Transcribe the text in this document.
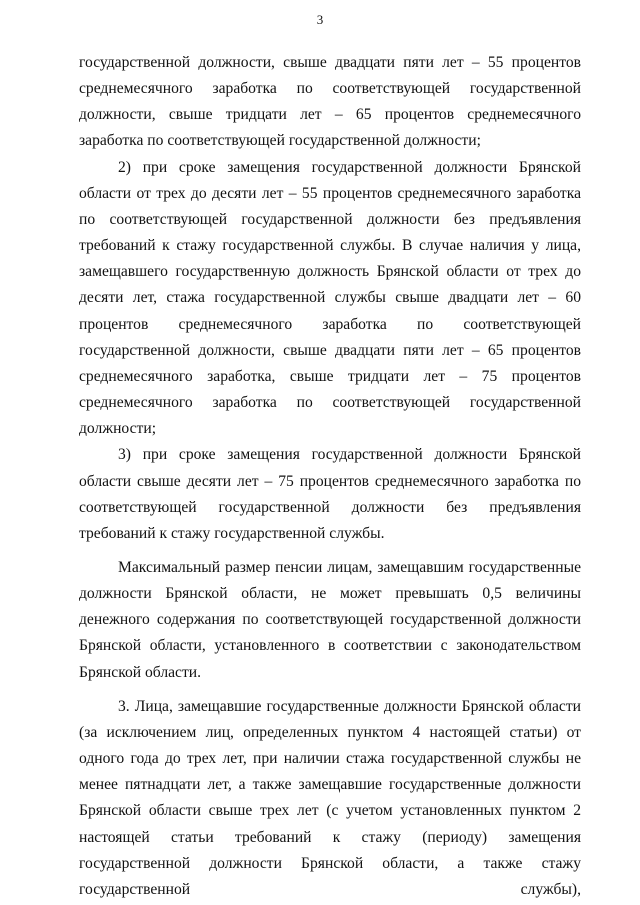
3

государственной должности, свыше двадцати пяти лет – 55 процентов среднемесячного заработка по соответствующей государственной должности, свыше тридцати лет – 65 процентов среднемесячного заработка по соответствующей государственной должности;

2) при сроке замещения государственной должности Брянской области от трех до десяти лет – 55 процентов среднемесячного заработка по соответствующей государственной должности без предъявления требований к стажу государственной службы. В случае наличия у лица, замещавшего государственную должность Брянской области от трех до десяти лет, стажа государственной службы свыше двадцати лет – 60 процентов среднемесячного заработка по соответствующей государственной должности, свыше двадцати пяти лет – 65 процентов среднемесячного заработка, свыше тридцати лет – 75 процентов среднемесячного заработка по соответствующей государственной должности;

3) при сроке замещения государственной должности Брянской области свыше десяти лет – 75 процентов среднемесячного заработка по соответствующей государственной должности без предъявления требований к стажу государственной службы.

Максимальный размер пенсии лицам, замещавшим государственные должности Брянской области, не может превышать 0,5 величины денежного содержания по соответствующей государственной должности Брянской области, установленного в соответствии с законодательством Брянской области.

3. Лица, замещавшие государственные должности Брянской области (за исключением лиц, определенных пунктом 4 настоящей статьи) от одного года до трех лет, при наличии стажа государственной службы не менее пятнадцати лет, а также замещавшие государственные должности Брянской области свыше трех лет (с учетом установленных пунктом 2 настоящей статьи требований к стажу (периоду) замещения государственной должности Брянской области, а также стажу государственной службы),
